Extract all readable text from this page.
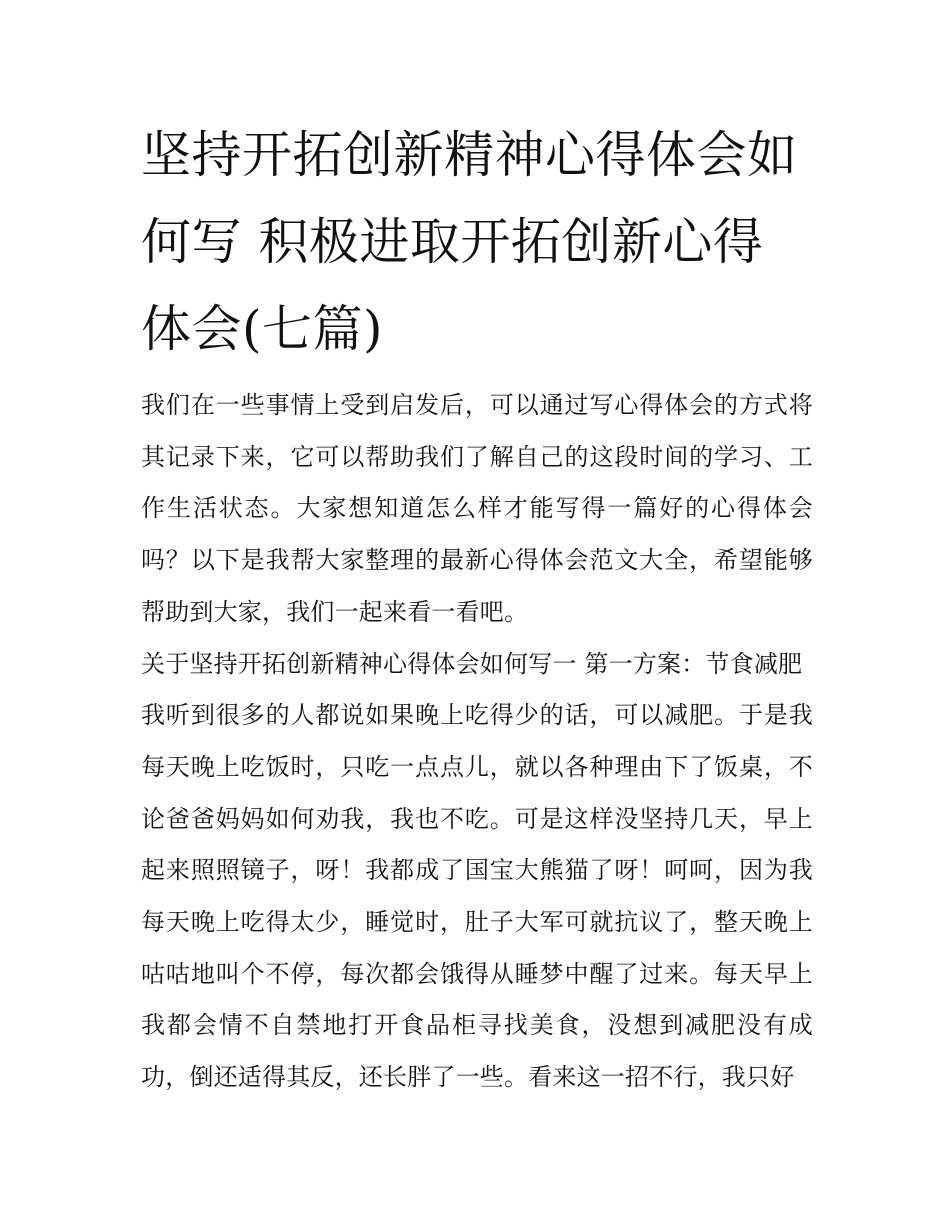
坚持开拓创新精神心得体会如何写 积极进取开拓创新心得体会(七篇)

我们在一些事情上受到启发后，可以通过写心得体会的方式将其记录下来，它可以帮助我们了解自己的这段时间的学习、工作生活状态。大家想知道怎么样才能写得一篇好的心得体会吗？以下是我帮大家整理的最新心得体会范文大全，希望能够帮助到大家，我们一起来看一看吧。

关于坚持开拓创新精神心得体会如何写一 第一方案：节食减肥

我听到很多的人都说如果晚上吃得少的话，可以减肥。于是我每天晚上吃饭时，只吃一点点儿，就以各种理由下了饭桌，不论爸爸妈妈如何劝我，我也不吃。可是这样没坚持几天，早上起来照照镜子，呀！我都成了国宝大熊猫了呀！呵呵，因为我每天晚上吃得太少，睡觉时，肚子大军可就抗议了，整天晚上咕咕地叫个不停，每次都会饿得从睡梦中醒了过来。每天早上我都会情不自禁地打开食品柜寻找美食，没想到减肥没有成功，倒还适得其反，还长胖了一些。看来这一招不行，我只好
